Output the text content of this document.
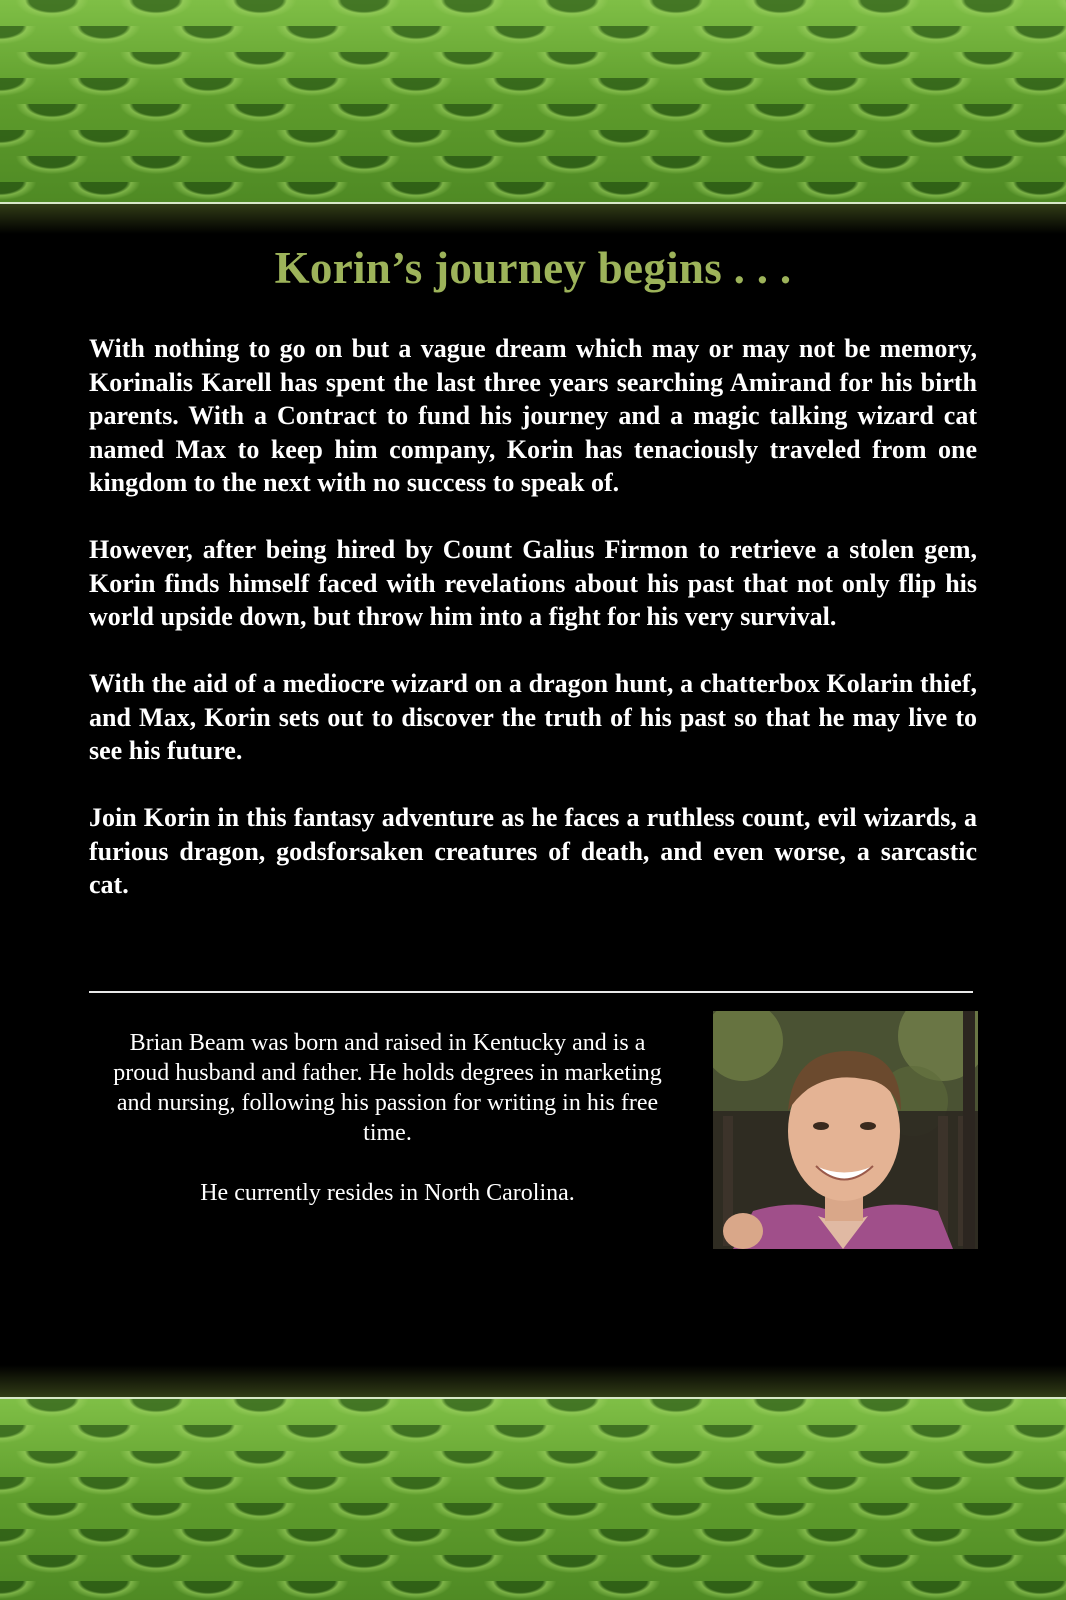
Korin’s journey begins . . .

With nothing to go on but a vague dream which may or may not be memory, Korinalis Karell has spent the last three years searching Amirand for his birth parents. With a Contract to fund his journey and a magic talking wizard cat named Max to keep him company, Korin has tenaciously traveled from one kingdom to the next with no success to speak of.

However, after being hired by Count Galius Firmon to retrieve a stolen gem, Korin finds himself faced with revelations about his past that not only flip his world upside down, but throw him into a fight for his very survival.

With the aid of a mediocre wizard on a dragon hunt, a chatterbox Kolarin thief, and Max, Korin sets out to discover the truth of his past so that he may live to see his future.

Join Korin in this fantasy adventure as he faces a ruthless count, evil wizards, a furious dragon, godsforsaken creatures of death, and even worse, a sarcastic cat.

Brian Beam was born and raised in Kentucky and is a proud husband and father. He holds degrees in marketing and nursing, following his passion for writing in his free time.

He currently resides in North Carolina.
